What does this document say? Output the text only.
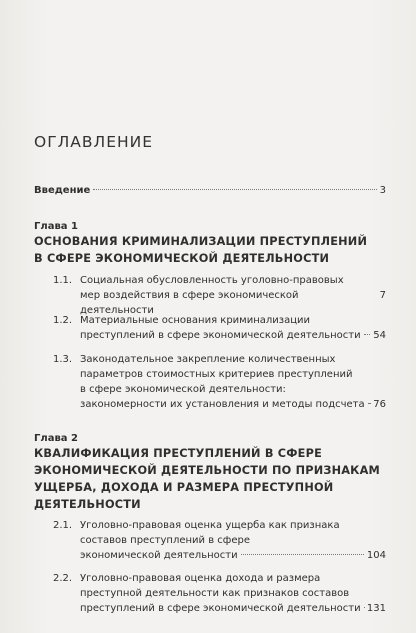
ОГЛАВЛЕНИЕ
Введение	3
Глава 1
ОСНОВАНИЯ КРИМИНАЛИЗАЦИИ ПРЕСТУПЛЕНИЙ
В СФЕРЕ ЭКОНОМИЧЕСКОЙ ДЕЯТЕЛЬНОСТИ
1.1. Социальная обусловленность уголовно-правовых
мер воздействия в сфере экономической деятельности
7
1.2. Материальные основания криминализации
преступлений в сфере экономической деятельности 54
1.3. Законодательное закрепление количественных
параметров стоимостных критериев преступлений
в сфере экономической деятельности:
закономерности их установления и методы подсчета 76
Глава 2
КВАЛИФИКАЦИЯ ПРЕСТУПЛЕНИЙ В СФЕРЕ
ЭКОНОМИЧЕСКОЙ ДЕЯТЕЛЬНОСТИ ПО ПРИЗНАКАМ
УЩЕРБА, ДОХОДА И РАЗМЕРА ПРЕСТУПНОЙ
ДЕЯТЕЛЬНОСТИ
2.1. Уголовно-правовая оценка ущерба как признака
составов преступлений в сфере
экономической деятельности	104
2.2. Уголовно-правовая оценка дохода и размера
преступной деятельности как признаков составов
преступлений в сфере экономической деятельности 131
